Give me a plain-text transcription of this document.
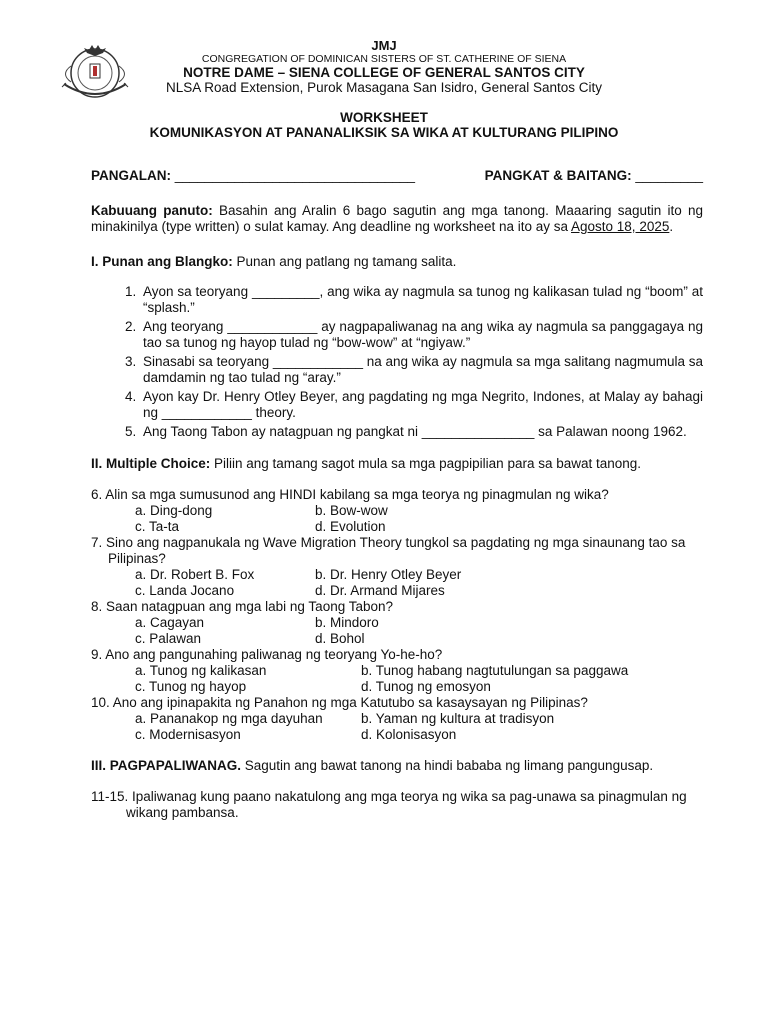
JMJ
CONGREGATION OF DOMINICAN SISTERS OF ST. CATHERINE OF SIENA
NOTRE DAME – SIENA COLLEGE OF GENERAL SANTOS CITY
NLSA Road Extension, Purok Masagana San Isidro, General Santos City
WORKSHEET
KOMUNIKASYON AT PANANALIKSIK SA WIKA AT KULTURANG PILIPINO
PANGALAN: ________________________________	PANGKAT & BAITANG: _________
Kabuuang panuto: Basahin ang Aralin 6 bago sagutin ang mga tanong. Maaaring sagutin ito ng minakinilya (type written) o sulat kamay. Ang deadline ng worksheet na ito ay sa Agosto 18, 2025.
I. Punan ang Blangko: Punan ang patlang ng tamang salita.
1. Ayon sa teoryang _________, ang wika ay nagmula sa tunog ng kalikasan tulad ng “boom” at “splash.”
2. Ang teoryang ____________ ay nagpapaliwanag na ang wika ay nagmula sa panggagaya ng tao sa tunog ng hayop tulad ng “bow-wow” at “ngiyaw.”
3. Sinasabi sa teoryang ____________ na ang wika ay nagmula sa mga salitang nagmumula sa damdamin ng tao tulad ng “aray.”
4. Ayon kay Dr. Henry Otley Beyer, ang pagdating ng mga Negrito, Indones, at Malay ay bahagi ng ____________ theory.
5. Ang Taong Tabon ay natagpuan ng pangkat ni _______________ sa Palawan noong 1962.
II. Multiple Choice: Piliin ang tamang sagot mula sa mga pagpipilian para sa bawat tanong.
6. Alin sa mga sumusunod ang HINDI kabilang sa mga teorya ng pinagmulan ng wika?
a. Ding-dong	b. Bow-wow
c. Ta-ta	d. Evolution
7. Sino ang nagpanukala ng Wave Migration Theory tungkol sa pagdating ng mga sinaunang tao sa Pilipinas?
a. Dr. Robert B. Fox	b. Dr. Henry Otley Beyer
c. Landa Jocano	d. Dr. Armand Mijares
8. Saan natagpuan ang mga labi ng Taong Tabon?
a. Cagayan	b. Mindoro
c. Palawan	d. Bohol
9. Ano ang pangunahing paliwanag ng teoryang Yo-he-ho?
a. Tunog ng kalikasan	b. Tunog habang nagtutulungan sa paggawa
c. Tunog ng hayop	d. Tunog ng emosyon
10. Ano ang ipinapakita ng Panahon ng mga Katutubo sa kasaysayan ng Pilipinas?
a. Pananakop ng mga dayuhan	b. Yaman ng kultura at tradisyon
c. Modernisasyon	d. Kolonisasyon
III. PAGPAPALIWANAG. Sagutin ang bawat tanong na hindi bababa ng limang pangungusap.
11-15. Ipaliwanag kung paano nakatulong ang mga teorya ng wika sa pag-unawa sa pinagmulan ng wikang pambansa.
